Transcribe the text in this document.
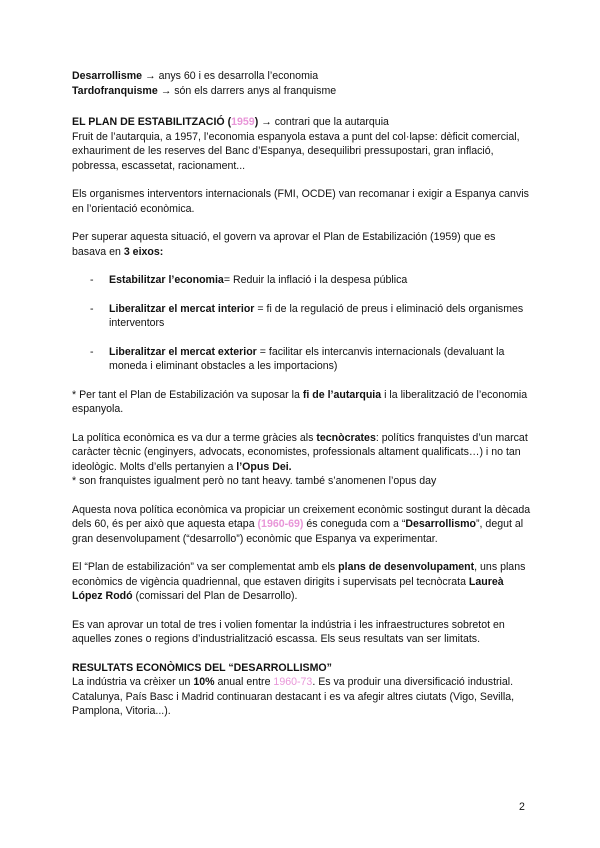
Desarrollisme → anys 60 i es desarrolla l’economia

Tardofranquisme → són els darrers anys al franquisme

EL PLAN DE ESTABILITZACIÓ (1959) → contrari que la autarquia

Fruit de l’autarquia, a 1957, l’economia espanyola estava a punt del col·lapse: dèficit comercial, exhauriment de les reserves del Banc d’Espanya, desequilibri pressupostari, gran inflació, pobressa, escassetat, racionament...

Els organismes interventors internacionals (FMI, OCDE) van recomanar i exigir a Espanya canvis en l’orientació econòmica.

Per superar aquesta situació, el govern va aprovar el Plan de Estabilización (1959) que es basava en 3 eixos:

- Estabilitzar l’economia= Reduir la inflació i la despesa pública

- Liberalitzar el mercat interior = fi de la regulació de preus i eliminació dels organismes interventors

- Liberalitzar el mercat exterior = facilitar els intercanvis internacionals (devaluant la moneda i eliminant obstacles a les importacions)

* Per tant el Plan de Estabilización va suposar la fi de l’autarquia i la liberalització de l’economia espanyola.

La política econòmica es va dur a terme gràcies als tecnòcrates: polítics franquistes d’un marcat caràcter tècnic (enginyers, advocats, economistes, professionals altament qualificats…) i no tan ideològic. Molts d’ells pertanyien a l’Opus Dei.

* son franquistes igualment però no tant heavy. també s’anomenen l’opus day

Aquesta nova política econòmica va propiciar un creixement econòmic sostingut durant la dècada dels 60, és per això que aquesta etapa (1960-69) és coneguda com a “Desarrollismo”, degut al gran desenvolupament (“desarrollo”) econòmic que Espanya va experimentar.

El “Plan de estabilización” va ser complementat amb els plans de desenvolupament, uns plans econòmics de vigència quadriennal, que estaven dirigits i supervisats pel tecnòcrata Laureà López Rodó (comissari del Plan de Desarrollo).

Es van aprovar un total de tres i volien fomentar la indústria i les infraestructures sobretot en aquelles zones o regions d’industrialització escassa. Els seus resultats van ser limitats.

RESULTATS ECONÒMICS DEL “DESARROLLISMO”

La indústria va crèixer un 10% anual entre 1960-73. Es va produir una diversificació industrial.

Catalunya, País Basc i Madrid continuaran destacant i es va afegir altres ciutats (Vigo, Sevilla, Pamplona, Vitoria...).

2
